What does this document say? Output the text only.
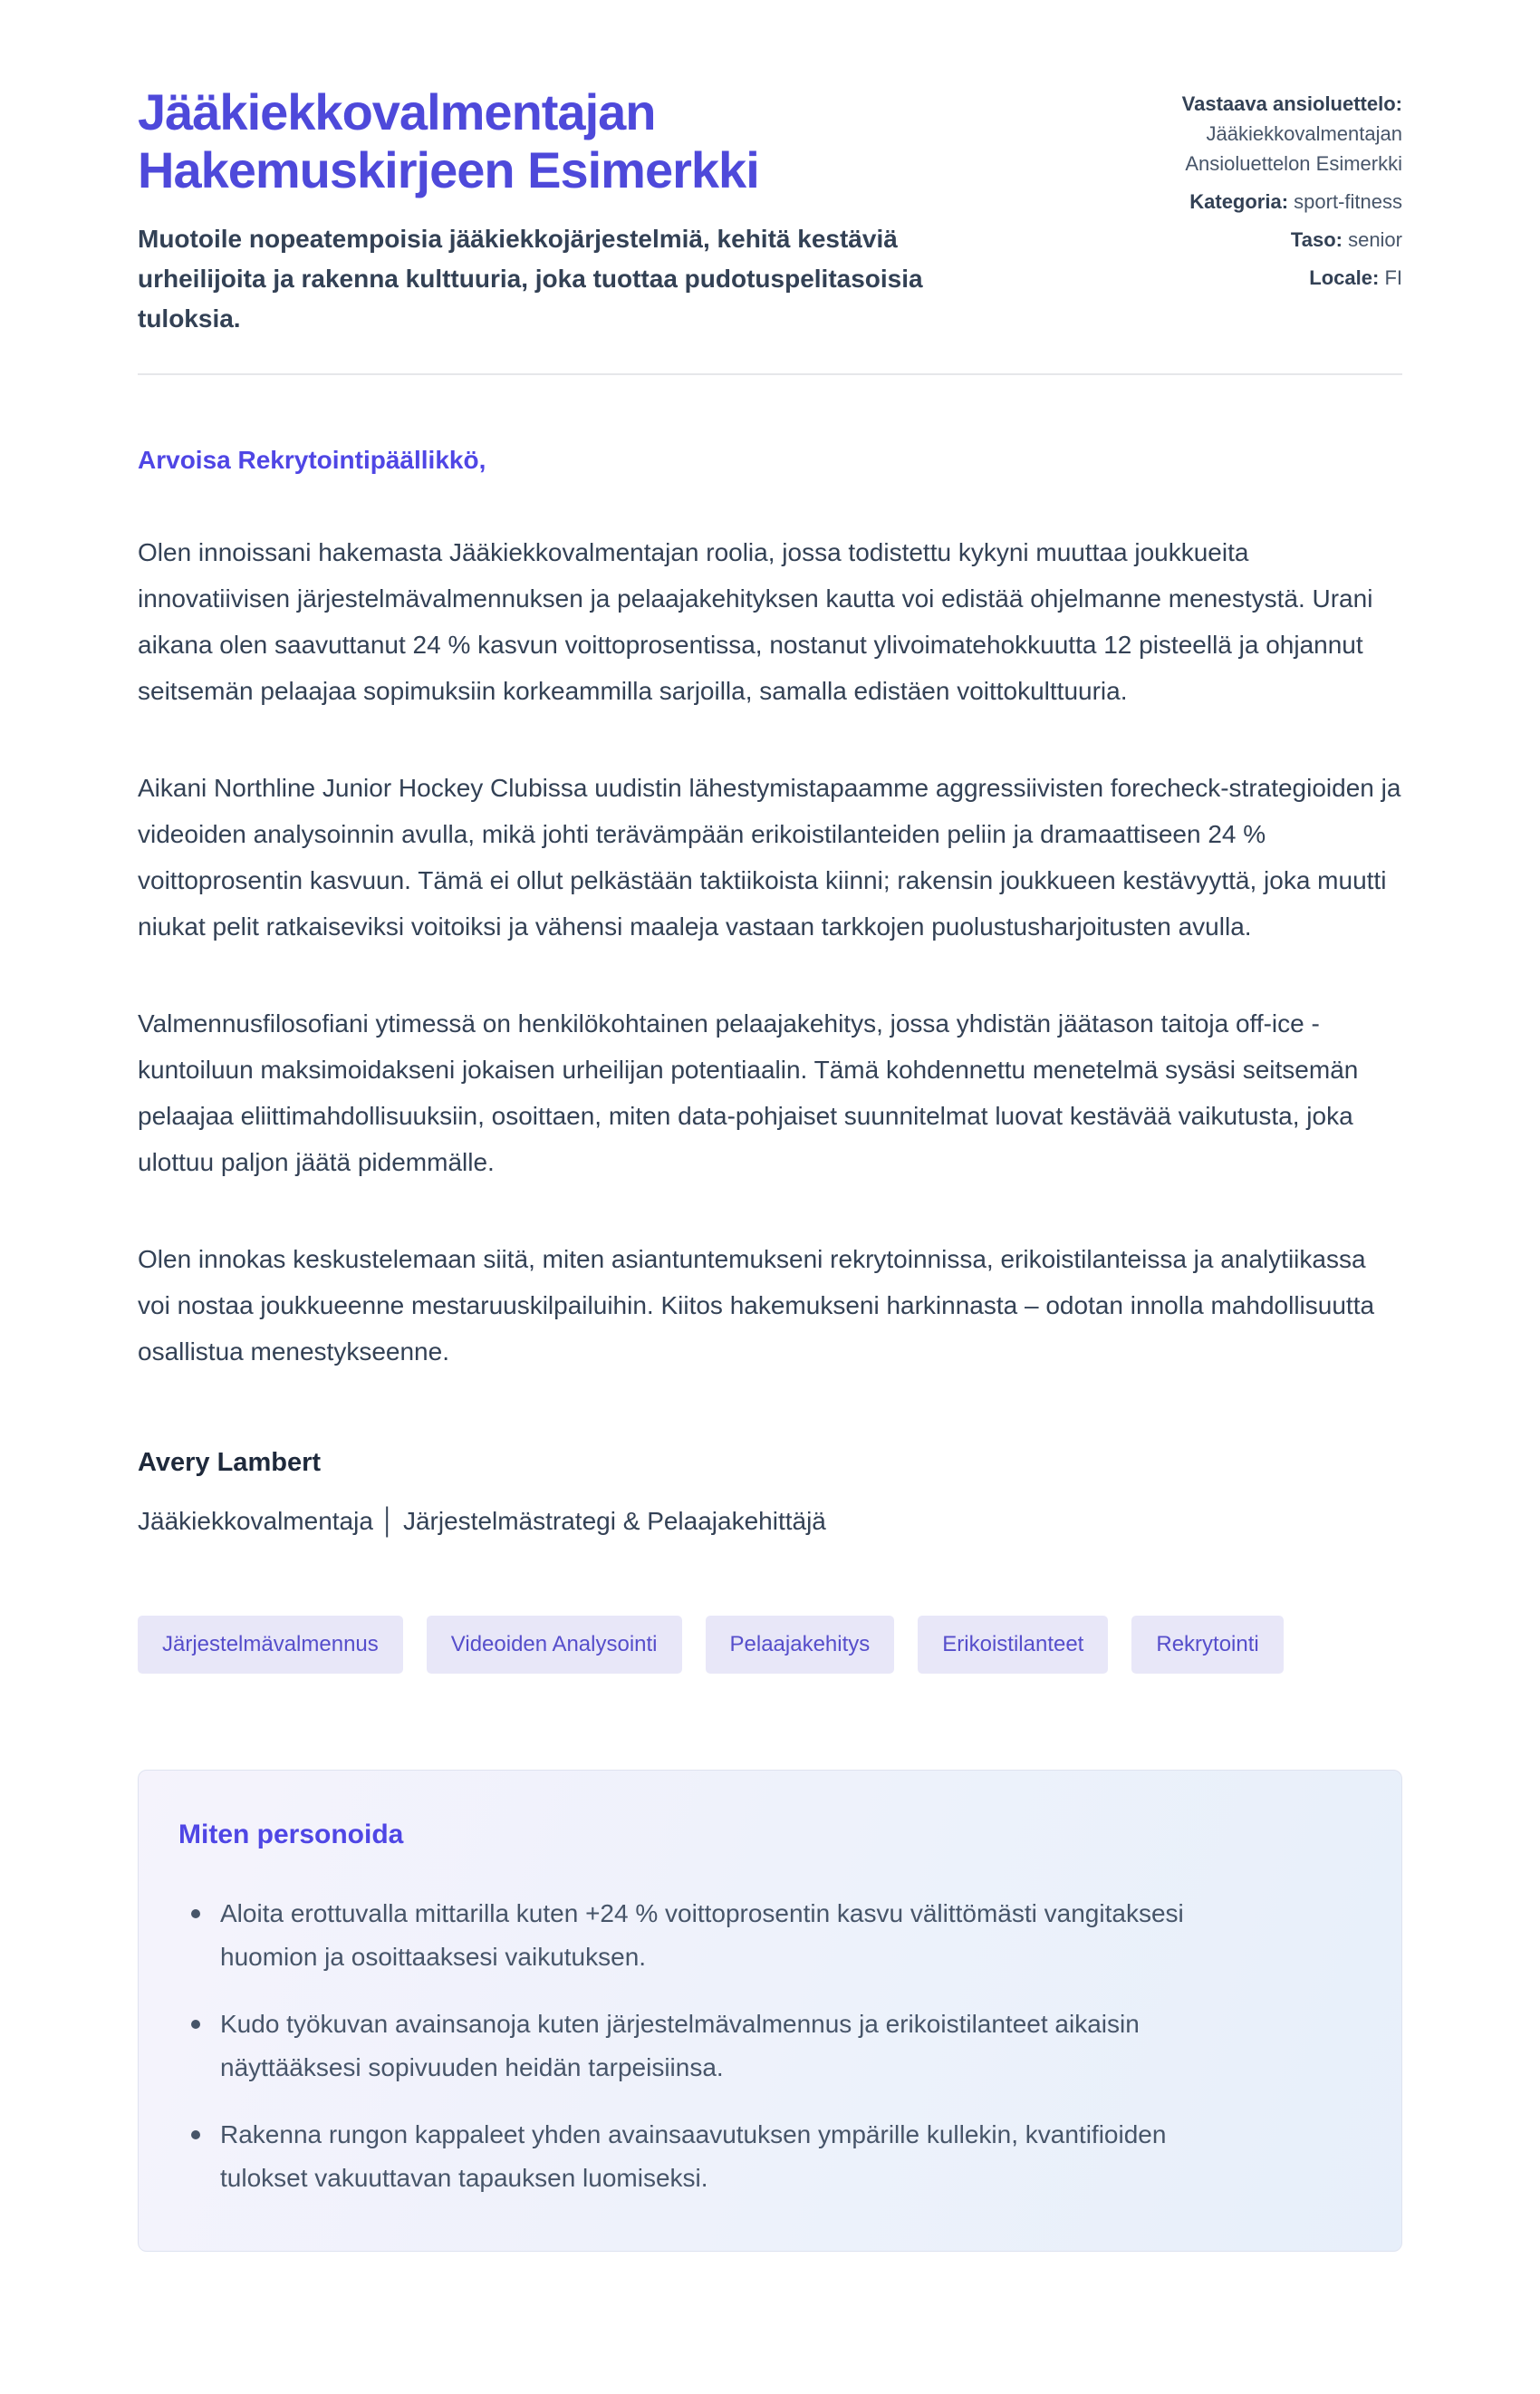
Jääkiekkovalmentajan Hakemuskirjeen Esimerkki

Muotoile nopeatempoisia jääkiekkojärjestelmiä, kehitä kestäviä urheilijoita ja rakenna kulttuuria, joka tuottaa pudotuspelitasoisia tuloksia.

Vastaava ansioluettelo: Jääkiekkovalmentajan Ansioluettelon Esimerkki
Kategoria: sport-fitness
Taso: senior
Locale: FI

Arvoisa Rekrytointipäällikkö,

Olen innoissani hakemasta Jääkiekkovalmentajan roolia, jossa todistettu kykyni muuttaa joukkueita innovatiivisen järjestelmävalmennuksen ja pelaajakehityksen kautta voi edistää ohjelmanne menestystä. Urani aikana olen saavuttanut 24 % kasvun voittoprosentissa, nostanut ylivoimatehokkuutta 12 pisteellä ja ohjannut seitsemän pelaajaa sopimuksiin korkeammilla sarjoilla, samalla edistäen voittokulttuuria.

Aikani Northline Junior Hockey Clubissa uudistin lähestymistapaamme aggressiivisten forecheck-strategioiden ja videoiden analysoinnin avulla, mikä johti terävämpään erikoistilanteiden peliin ja dramaattiseen 24 % voittoprosentin kasvuun. Tämä ei ollut pelkästään taktiikoista kiinni; rakensin joukkueen kestävyyttä, joka muutti niukat pelit ratkaiseviksi voitoiksi ja vähensi maaleja vastaan tarkkojen puolustusharjoitusten avulla.

Valmennusfilosofiani ytimessä on henkilökohtainen pelaajakehitys, jossa yhdistän jäätason taitoja off-ice -kuntoiluun maksimoidakseni jokaisen urheilijan potentiaalin. Tämä kohdennettu menetelmä sysäsi seitsemän pelaajaa eliittimahdollisuuksiin, osoittaen, miten data-pohjaiset suunnitelmat luovat kestävää vaikutusta, joka ulottuu paljon jäätä pidemmälle.

Olen innokas keskustelemaan siitä, miten asiantuntemukseni rekrytoinnissa, erikoistilanteissa ja analytiikassa voi nostaa joukkueenne mestaruuskilpailuihin. Kiitos hakemukseni harkinnasta – odotan innolla mahdollisuutta osallistua menestykseenne.

Avery Lambert

Jääkiekkovalmentaja │ Järjestelmästrategi & Pelaajakehittäjä

Järjestelmävalmennus	Videoiden Analysointi	Pelaajakehitys	Erikoistilanteet	Rekrytointi
Miten personoida
Aloita erottuvalla mittarilla kuten +24 % voittoprosentin kasvu välittömästi vangitaksesi huomion ja osoittaaksesi vaikutuksen.
Kudo työkuvan avainsanoja kuten järjestelmävalmennus ja erikoistilanteet aikaisin näyttääksesi sopivuuden heidän tarpeisiinsa.
Rakenna rungon kappaleet yhden avainsaavutuksen ympärille kullekin, kvantifioiden tulokset vakuuttavan tapauksen luomiseksi.
